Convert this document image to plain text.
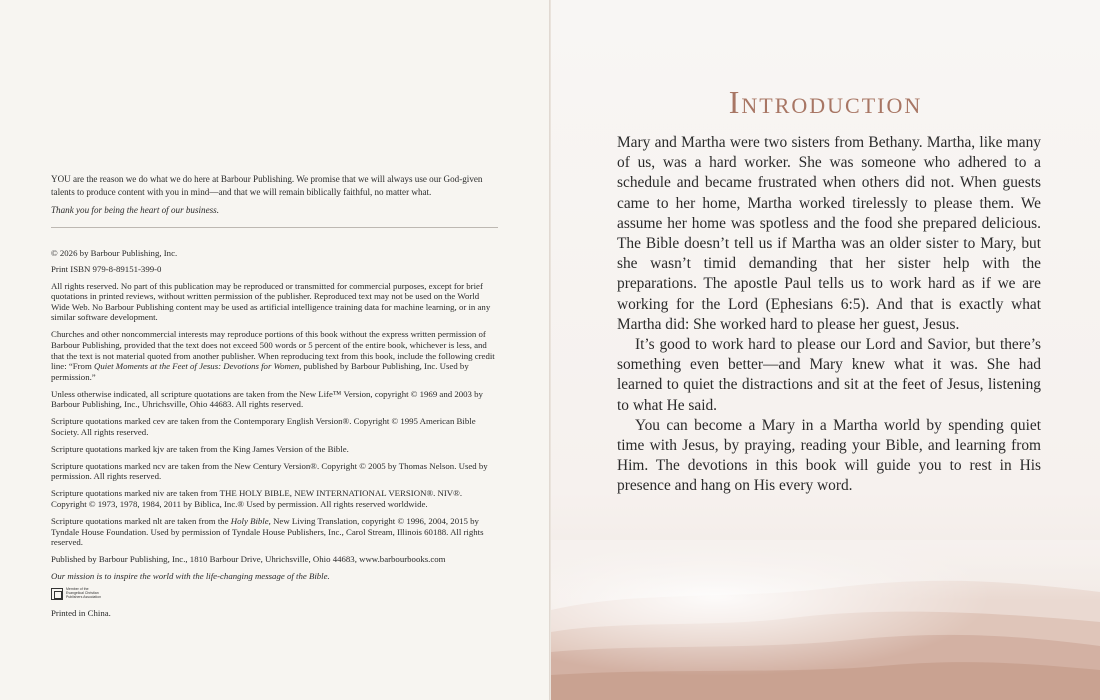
YOU are the reason we do what we do here at Barbour Publishing. We promise that we will always use our God-given talents to produce content with you in mind—and that we will remain biblically faithful, no matter what.

Thank you for being the heart of our business.

© 2026 by Barbour Publishing, Inc.

Print ISBN 979-8-89151-399-0

All rights reserved. No part of this publication may be reproduced or transmitted for commercial purposes, except for brief quotations in printed reviews, without written permission of the publisher. Reproduced text may not be used on the World Wide Web. No Barbour Publishing content may be used as artificial intelligence training data for machine learning, or in any similar software development.

Churches and other noncommercial interests may reproduce portions of this book without the express written permission of Barbour Publishing, provided that the text does not exceed 500 words or 5 percent of the entire book, whichever is less, and that the text is not material quoted from another publisher. When reproducing text from this book, include the following credit line: “From Quiet Moments at the Feet of Jesus: Devotions for Women, published by Barbour Publishing, Inc. Used by permission.”

Unless otherwise indicated, all scripture quotations are taken from the New Life™ Version, copyright © 1969 and 2003 by Barbour Publishing, Inc., Uhrichsville, Ohio 44683. All rights reserved.

Scripture quotations marked cev are taken from the Contemporary English Version®. Copyright © 1995 American Bible Society. All rights reserved.

Scripture quotations marked kjv are taken from the King James Version of the Bible.

Scripture quotations marked ncv are taken from the New Century Version®. Copyright © 2005 by Thomas Nelson. Used by permission. All rights reserved.

Scripture quotations marked niv are taken from THE HOLY BIBLE, NEW INTERNATIONAL VERSION®. NIV®. Copyright © 1973, 1978, 1984, 2011 by Biblica, Inc.® Used by permission. All rights reserved worldwide.

Scripture quotations marked nlt are taken from the Holy Bible, New Living Translation, copyright © 1996, 2004, 2015 by Tyndale House Foundation. Used by permission of Tyndale House Publishers, Inc., Carol Stream, Illinois 60188. All rights reserved.

Published by Barbour Publishing, Inc., 1810 Barbour Drive, Uhrichsville, Ohio 44683, www.barbourbooks.com

Our mission is to inspire the world with the life-changing message of the Bible.

Member of the
Evangelical Christian
Publishers Association

Printed in China.

Introduction

Mary and Martha were two sisters from Bethany. Martha, like many of us, was a hard worker. She was someone who adhered to a schedule and became frustrated when others did not. When guests came to her home, Martha worked tirelessly to please them. We assume her home was spotless and the food she prepared delicious. The Bible doesn’t tell us if Martha was an older sister to Mary, but she wasn’t timid demanding that her sister help with the preparations. The apostle Paul tells us to work hard as if we are working for the Lord (Ephesians 6:5). And that is exactly what Martha did: She worked hard to please her guest, Jesus.

It’s good to work hard to please our Lord and Savior, but there’s something even better—and Mary knew what it was. She had learned to quiet the distractions and sit at the feet of Jesus, listening to what He said.

You can become a Mary in a Martha world by spending quiet time with Jesus, by praying, reading your Bible, and learning from Him. The devotions in this book will guide you to rest in His presence and hang on His every word.
